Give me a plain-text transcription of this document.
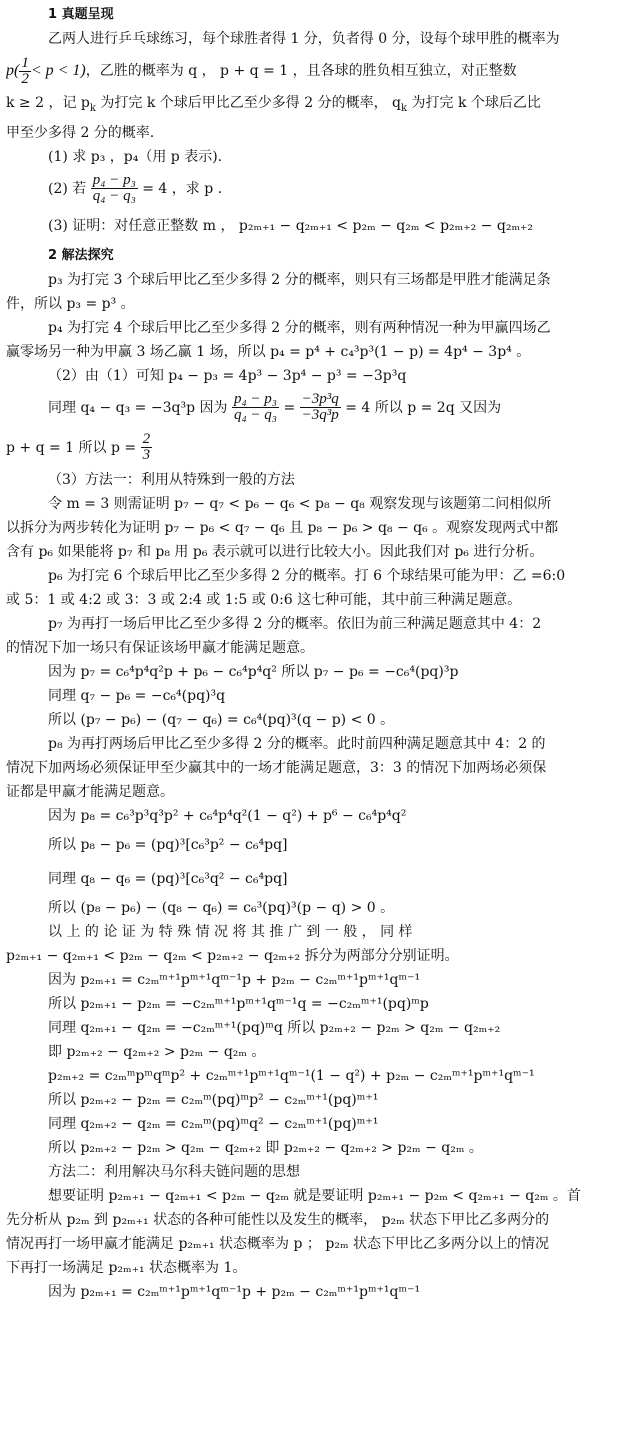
1 真题呈现
乙两人进行乒乓球练习，每个球胜者得 1 分，负者得 0 分，设每个球甲胜的概率为
$p( \frac{1}{2} < p < 1)$，乙胜的概率为 q ， p + q = 1 ，且各球的胜负相互独立，对正整数
k ≥ 2 ，记 $p_k$ 为打完 k 个球后甲比乙至少多得 2 分的概率， $q_k$ 为打完 k 个球后乙比
甲至少多得 2 分的概率.
(1) 求 p₃ ，p₄（用 p 表示).
(2) 若 $\frac{\text{p₄ − p₃}}{\text{q₄ − q₃}} = 4$ ，求 p .
(3) 证明：对任意正整数 m ， p₂ₘ₊₁ − q₂ₘ₊₁ < p₂ₘ − q₂ₘ < p₂ₘ₊₂ − q₂ₘ₊₂
2 解法探究
p₃ 为打完 3 个球后甲比乙至少多得 2 分的概率，则只有三场都是甲胜才能满足条
件，所以 p₃ = p³ 。
p₄ 为打完 4 个球后甲比乙至少多得 2 分的概率，则有两种情况一种为甲赢四场乙
赢零场另一种为甲赢 3 场乙赢 1 场，所以 p₄ = p⁴ + c₄³p³(1 − p) = 4p⁴ − 3p⁴ 。
（2）由（1）可知 p₄ − p₃ = 4p³ − 3p⁴ − p³ = −3p³q
同理 q₄ − q₃ = −3q³p 因为 $\frac{\text{p₄ − p₃}}{\text{q₄ − q₃}} = \frac{\text{−3p³q}}{\text{−3q³p}} = 4$ 所以 p = 2q 又因为
p + q = 1 所以 $p = \frac{2}{3}$
（3）方法一：利用从特殊到一般的方法
令 m = 3 则需证明 p₇ − q₇ < p₆ − q₆ < p₈ − q₈ 观察发现与该题第二问相似所
以拆分为两步转化为证明 p₇ − p₆ < q₇ − q₆ 且 p₈ − p₆ > q₈ − q₆ 。观察发现两式中都
含有 p₆ 如果能将 p₇ 和 p₈ 用 p₆ 表示就可以进行比较大小。因此我们对 p₆ 进行分析。
p₆ 为打完 6 个球后甲比乙至少多得 2 分的概率。打 6 个球结果可能为甲：乙 =6:0
或 5：1 或 4:2 或 3：3 或 2:4 或 1:5 或 0:6 这七种可能，其中前三种满足题意。
p₇ 为再打一场后甲比乙至少多得 2 分的概率。依旧为前三种满足题意其中 4：2
的情况下加一场只有保证该场甲赢才能满足题意。
因为 p₇ = c₆⁴p⁴q²p + p₆ − c₆⁴p⁴q² 所以 p₇ − p₆ = −c₆⁴(pq)³p
同理 q₇ − p₆ = −c₆⁴(pq)³q
所以 (p₇ − p₆) − (q₇ − q₆) = c₆⁴(pq)³(q − p) < 0 。
p₈ 为再打两场后甲比乙至少多得 2 分的概率。此时前四种满足题意其中 4：2 的
情况下加两场必须保证甲至少赢其中的一场才能满足题意，3：3 的情况下加两场必须保
证都是甲赢才能满足题意。
因为 p₈ = c₆³p³q³p² + c₆⁴p⁴q²(1 − q²) + p⁶ − c₆⁴p⁴q²
所以 p₈ − p₆ = (pq)³[c₆³p² − c₆⁴pq]
同理 q₈ − q₆ = (pq)³[c₆³q² − c₆⁴pq]
所以 (p₈ − p₆) − (q₈ − q₆) = c₆³(pq)³(p − q) > 0 。
以 上 的 论 证 为 特 殊 情 况 将 其 推 广 到 一 般 ， 同 样
p₂ₘ₊₁ − q₂ₘ₊₁ < p₂ₘ − q₂ₘ < p₂ₘ₊₂ − q₂ₘ₊₂ 拆分为两部分分别证明。
因为 p₂ₘ₊₁ = c₂ₘᵐ⁺¹pᵐ⁺¹qᵐ⁻¹p + p₂ₘ − c₂ₘᵐ⁺¹pᵐ⁺¹qᵐ⁻¹
所以 p₂ₘ₊₁ − p₂ₘ = −c₂ₘᵐ⁺¹pᵐ⁺¹qᵐ⁻¹q = −c₂ₘᵐ⁺¹(pq)ᵐp
同理 q₂ₘ₊₁ − q₂ₘ = −c₂ₘᵐ⁺¹(pq)ᵐq 所以 p₂ₘ₊₂ − p₂ₘ > q₂ₘ − q₂ₘ₊₂
即 p₂ₘ₊₂ − q₂ₘ₊₂ > p₂ₘ − q₂ₘ 。
p₂ₘ₊₂ = c₂ₘᵐpᵐqᵐp² + c₂ₘᵐ⁺¹pᵐ⁺¹qᵐ⁻¹(1 − q²) + p₂ₘ − c₂ₘᵐ⁺¹pᵐ⁺¹qᵐ⁻¹
所以 p₂ₘ₊₂ − p₂ₘ = c₂ₘᵐ(pq)ᵐp² − c₂ₘᵐ⁺¹(pq)ᵐ⁺¹
同理 q₂ₘ₊₂ − q₂ₘ = c₂ₘᵐ(pq)ᵐq² − c₂ₘᵐ⁺¹(pq)ᵐ⁺¹
所以 p₂ₘ₊₂ − p₂ₘ > q₂ₘ − q₂ₘ₊₂ 即 p₂ₘ₊₂ − q₂ₘ₊₂ > p₂ₘ − q₂ₘ 。
方法二：利用解决马尔科夫链问题的思想
想要证明 p₂ₘ₊₁ − q₂ₘ₊₁ < p₂ₘ − q₂ₘ 就是要证明 p₂ₘ₊₁ − p₂ₘ < q₂ₘ₊₁ − q₂ₘ 。首
先分析从 p₂ₘ 到 p₂ₘ₊₁ 状态的各种可能性以及发生的概率， p₂ₘ 状态下甲比乙多两分的
情况再打一场甲赢才能满足 p₂ₘ₊₁ 状态概率为 p ； p₂ₘ 状态下甲比乙多两分以上的情况
下再打一场满足 p₂ₘ₊₁ 状态概率为 1。
因为 p₂ₘ₊₁ = c₂ₘᵐ⁺¹pᵐ⁺¹qᵐ⁻¹p + p₂ₘ − c₂ₘᵐ⁺¹pᵐ⁺¹qᵐ⁻¹
